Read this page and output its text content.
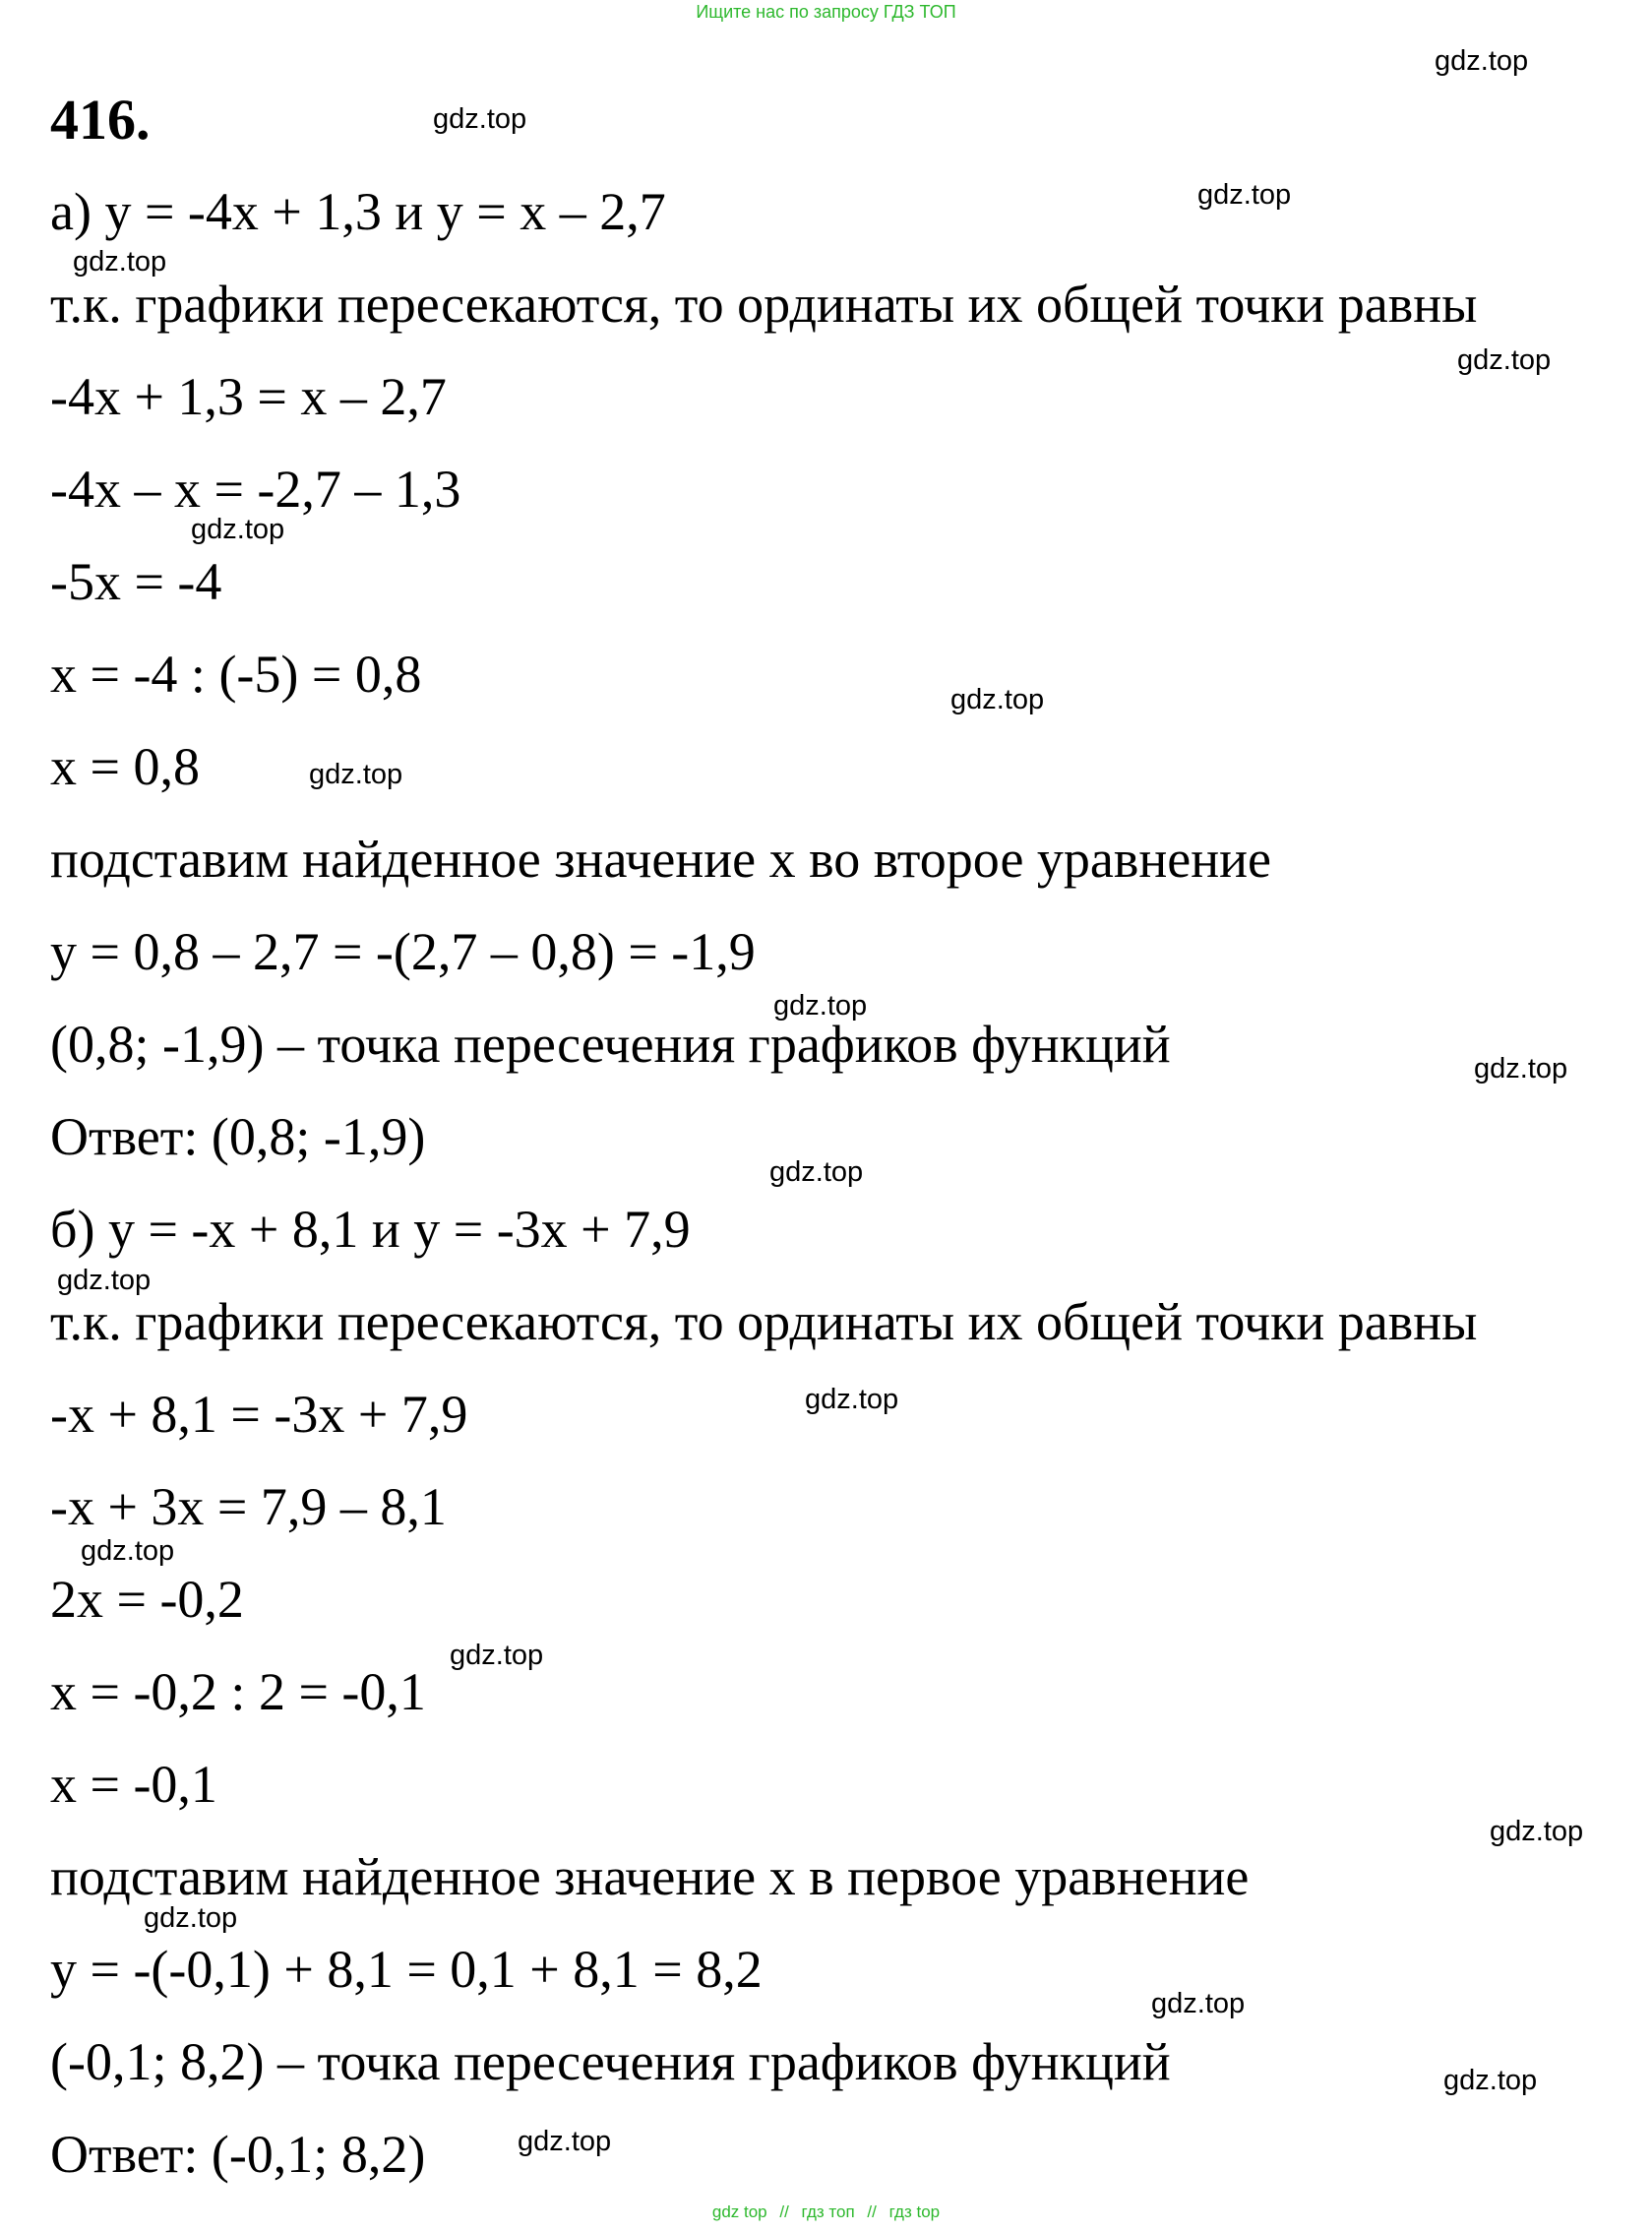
Ищите нас по запросу ГДЗ ТОП
416.
а) y = -4x + 1,3 и y = x – 2,7
т.к. графики пересекаются, то ординаты их общей точки равны
-4x + 1,3 = x – 2,7
-4x – x = -2,7 – 1,3
-5x = -4
x = -4 : (-5) = 0,8
x = 0,8
подставим найденное значение x во второе уравнение
y = 0,8 – 2,7 = -(2,7 – 0,8) = -1,9
(0,8; -1,9) – точка пересечения графиков функций
Ответ: (0,8; -1,9)
б) y = -x + 8,1 и y = -3x + 7,9
т.к. графики пересекаются, то ординаты их общей точки равны
-x + 8,1 = -3x + 7,9
-x + 3x = 7,9 – 8,1
2x = -0,2
x = -0,2 : 2 = -0,1
x = -0,1
подставим найденное значение x в первое уравнение
y = -(-0,1) + 8,1 = 0,1 + 8,1 = 8,2
(-0,1; 8,2) – точка пересечения графиков функций
Ответ: (-0,1; 8,2)
gdz.top
gdz.top
gdz.top
gdz.top
gdz.top
gdz.top
gdz.top
gdz.top
gdz.top
gdz.top
gdz.top
gdz.top
gdz.top
gdz.top
gdz.top
gdz.top
gdz.top
gdz.top
gdz.top
gdz.top
gdz top // гдз топ // гдз top
